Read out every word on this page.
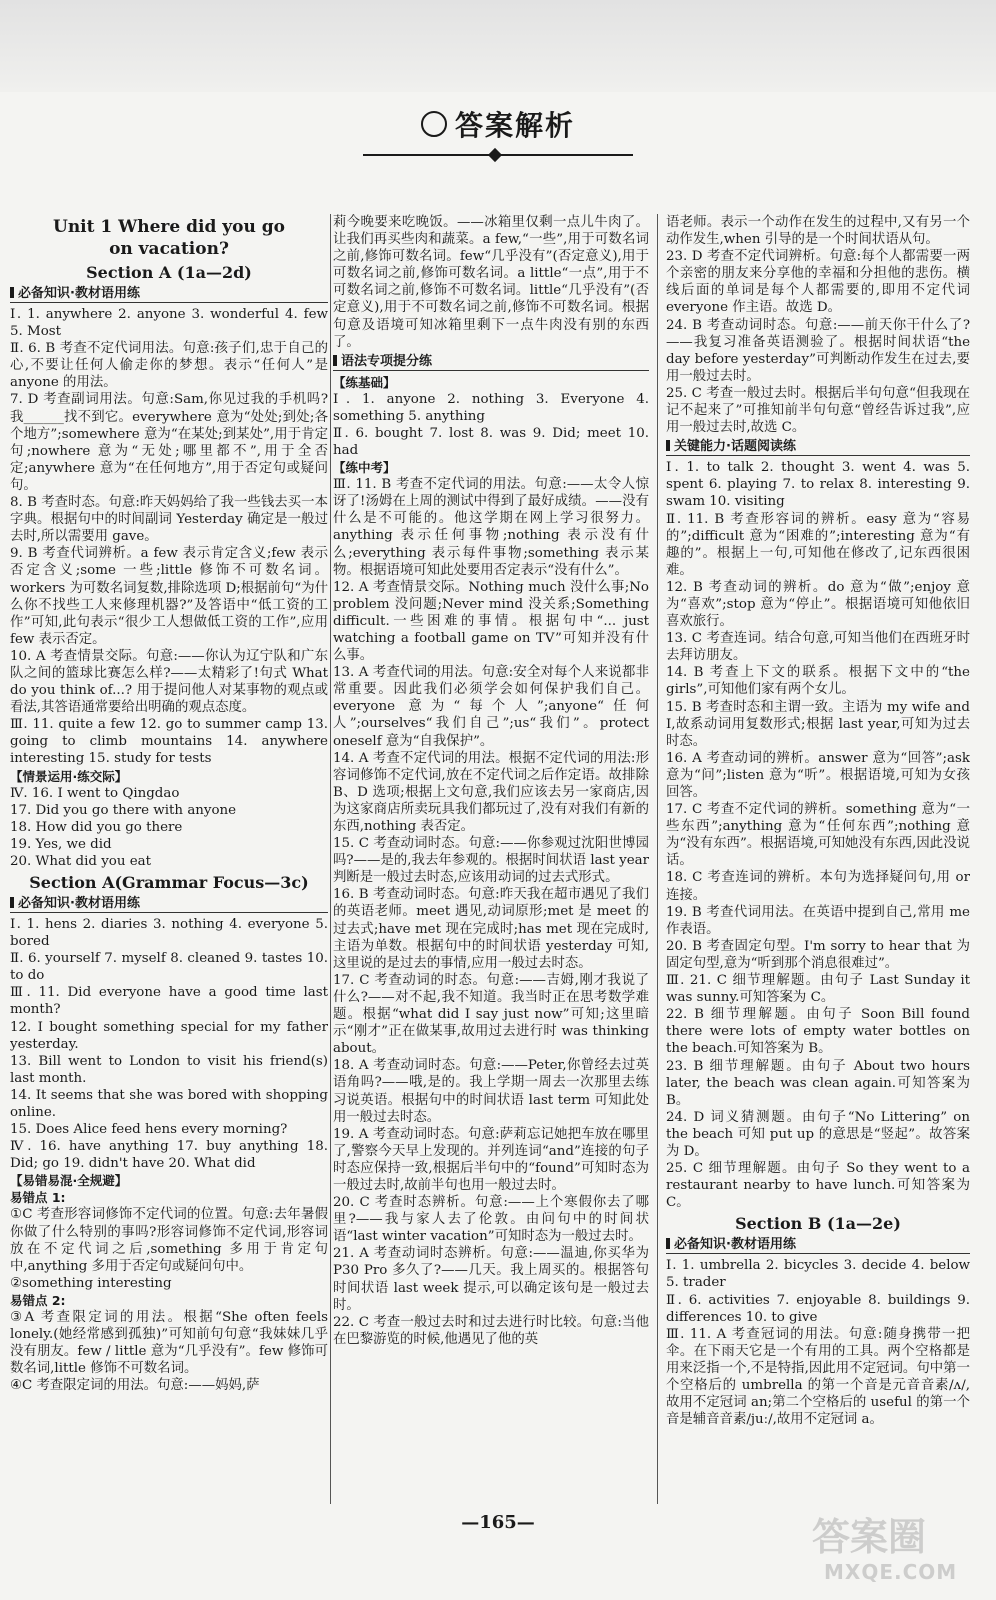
答案解析
Unit 1 Where did you go
on vacation?
Section A (1a—2d)
必备知识·教材语用练

Ⅰ. 1. anywhere 2. anyone 3. wonderful 4. few 5. Most

Ⅱ. 6. B 考查不定代词用法。句意:孩子们,忠于自己的心,不要让任何人偷走你的梦想。表示“任何人”是 anyone 的用法。

7. D 考查副词用法。句意:Sam,你见过我的手机吗?我______找不到它。everywhere 意为“处处;到处;各个地方”;somewhere 意为“在某处;到某处”,用于肯定句;nowhere 意为“无处;哪里都不”,用于全否定;anywhere 意为“在任何地方”,用于否定句或疑问句。

8. B 考查时态。句意:昨天妈妈给了我一些钱去买一本字典。根据句中的时间副词 Yesterday 确定是一般过去时,所以需要用 gave。

9. B 考查代词辨析。a few 表示肯定含义;few 表示否定含义;some 一些;little 修饰不可数名词。workers 为可数名词复数,排除选项 D;根据前句“为什么你不找些工人来修理机器?”及答语中“低工资的工作”可知,此句表示“很少工人想做低工资的工作”,应用 few 表示否定。

10. A 考查情景交际。句意:——你认为辽宁队和广东队之间的篮球比赛怎么样?——太精彩了!句式 What do you think of...? 用于提问他人对某事物的观点或看法,其答语通常要给出明确的观点态度。

Ⅲ. 11. quite a few 12. go to summer camp 13. going to climb mountains 14. anywhere interesting 15. study for tests

【情景运用·练交际】

Ⅳ. 16. I went to Qingdao

17. Did you go there with anyone

18. How did you go there

19. Yes, we did

20. What did you eat

Section A(Grammar Focus—3c)
必备知识·教材语用练

Ⅰ. 1. hens 2. diaries 3. nothing 4. everyone 5. bored

Ⅱ. 6. yourself 7. myself 8. cleaned 9. tastes 10. to do

Ⅲ. 11. Did everyone have a good time last month?

12. I bought something special for my father yesterday.

13. Bill went to London to visit his friend(s) last month.

14. It seems that she was bored with shopping online.

15. Does Alice feed hens every morning?

Ⅳ. 16. have anything 17. buy anything 18. Did; go 19. didn't have 20. What did

【易错易混·全规避】
易错点 1:

①C 考查形容词修饰不定代词的位置。句意:去年暑假你做了什么特别的事吗?形容词修饰不定代词,形容词放在不定代词之后,something 多用于肯定句中,anything 多用于否定句或疑问句中。

②something interesting

易错点 2:

③A 考查限定词的用法。根据“She often feels lonely.(她经常感到孤独)”可知前句句意“我妹妹几乎没有朋友。few / little 意为“几乎没有”。few 修饰可数名词,little 修饰不可数名词。

④C 考查限定词的用法。句意:——妈妈,萨

莉今晚要来吃晚饭。——冰箱里仅剩一点儿牛肉了。让我们再买些肉和蔬菜。a few,“一些”,用于可数名词之前,修饰可数名词。few“几乎没有”(否定意义),用于可数名词之前,修饰可数名词。a little“一点”,用于不可数名词之前,修饰不可数名词。little“几乎没有”(否定意义),用于不可数名词之前,修饰不可数名词。根据句意及语境可知冰箱里剩下一点牛肉没有别的东西了。

语法专项提分练
【练基础】

Ⅰ. 1. anyone 2. nothing 3. Everyone 4. something 5. anything

Ⅱ. 6. bought 7. lost 8. was 9. Did; meet 10. had

【练中考】

Ⅲ. 11. B 考查不定代词的用法。句意:——太令人惊讶了!汤姆在上周的测试中得到了最好成绩。——没有什么是不可能的。他这学期在网上学习很努力。anything 表示任何事物;nothing 表示没有什么;everything 表示每件事物;something 表示某物。根据语境可知此处要用否定表示“没有什么”。

12. A 考查情景交际。Nothing much 没什么事;No problem 没问题;Never mind 没关系;Something difficult.一些困难的事情。根据句中“... just watching a football game on TV”可知并没有什么事。

13. A 考查代词的用法。句意:安全对每个人来说都非常重要。因此我们必须学会如何保护我们自己。everyone 意为“每个人”;anyone“任何人”;ourselves“我们自己”;us“我们”。protect oneself 意为“自我保护”。

14. A 考查不定代词的用法。根据不定代词的用法:形容词修饰不定代词,放在不定代词之后作定语。故排除 B、D 选项;根据上文句意,我们应该去另一家商店,因为这家商店所卖玩具我们都玩过了,没有对我们有新的东西,nothing 表否定。

15. C 考查动词时态。句意:——你参观过沈阳世博园吗?——是的,我去年参观的。根据时间状语 last year 判断是一般过去时态,应该用动词的过去式形式。

16. B 考查动词时态。句意:昨天我在超市遇见了我们的英语老师。meet 遇见,动词原形;met 是 meet 的过去式;have met 现在完成时;has met 现在完成时,主语为单数。根据句中的时间状语 yesterday 可知,这里说的是过去的事情,应用一般过去时态。

17. C 考查动词的时态。句意:——吉姆,刚才我说了什么?——对不起,我不知道。我当时正在思考数学难题。根据“what did I say just now”可知;这里暗示“刚才”正在做某事,故用过去进行时 was thinking about。

18. A 考查动词时态。句意:——Peter,你曾经去过英语角吗?——哦,是的。我上学期一周去一次那里去练习说英语。根据句中的时间状语 last term 可知此处用一般过去时态。

19. A 考查动词时态。句意:萨莉忘记她把车放在哪里了,警察今天早上发现的。并列连词“and”连接的句子时态应保持一致,根据后半句中的“found”可知时态为一般过去时,故前半句也用一般过去时。

20. C 考查时态辨析。句意:——上个寒假你去了哪里?——我与家人去了伦敦。由问句中的时间状语“last winter vacation”可知时态为一般过去时。

21. A 考查动词时态辨析。句意:——温迪,你买华为 P30 Pro 多久了?——几天。我上周买的。根据答句时间状语 last week 提示,可以确定该句是一般过去时。

22. C 考查一般过去时和过去进行时比较。句意:当他在巴黎游览的时候,他遇见了他的英

语老师。表示一个动作在发生的过程中,又有另一个动作发生,when 引导的是一个时间状语从句。

23. D 考查不定代词辨析。句意:每个人都需要一两个亲密的朋友来分享他的幸福和分担他的悲伤。横线后面的单词是每个人都需要的,即用不定代词 everyone 作主语。故选 D。

24. B 考查动词时态。句意:——前天你干什么了?——我复习准备英语测验了。根据时间状语“the day before yesterday”可判断动作发生在过去,要用一般过去时。

25. C 考查一般过去时。根据后半句句意“但我现在记不起来了”可推知前半句句意“曾经告诉过我”,应用一般过去时,故选 C。

关键能力·话题阅读练

Ⅰ. 1. to talk 2. thought 3. went 4. was 5. spent 6. playing 7. to relax 8. interesting 9. swam 10. visiting

Ⅱ. 11. B 考查形容词的辨析。easy 意为“容易的”;difficult 意为“困难的”;interesting 意为“有趣的”。根据上一句,可知他在修改了,记东西很困难。

12. B 考查动词的辨析。do 意为“做”;enjoy 意为“喜欢”;stop 意为“停止”。根据语境可知他依旧喜欢旅行。

13. C 考查连词。结合句意,可知当他们在西班牙时去拜访朋友。

14. B 考查上下文的联系。根据下文中的“the girls”,可知他们家有两个女儿。

15. B 考查时态和主谓一致。主语为 my wife and I,故系动词用复数形式;根据 last year,可知为过去时态。

16. A 考查动词的辨析。answer 意为“回答”;ask 意为“问”;listen 意为“听”。根据语境,可知为女孩回答。

17. C 考查不定代词的辨析。something 意为“一些东西”;anything 意为“任何东西”;nothing 意为“没有东西”。根据语境,可知她没有东西,因此没说话。

18. C 考查连词的辨析。本句为选择疑问句,用 or 连接。

19. B 考查代词用法。在英语中提到自己,常用 me 作表语。

20. B 考查固定句型。I'm sorry to hear that 为固定句型,意为“听到那个消息很难过”。

Ⅲ. 21. C 细节理解题。由句子 Last Sunday it was sunny.可知答案为 C。

22. B 细节理解题。由句子 Soon Bill found there were lots of empty water bottles on the beach.可知答案为 B。

23. B 细节理解题。由句子 About two hours later, the beach was clean again.可知答案为 B。

24. D 词义猜测题。由句子“No Littering” on the beach 可知 put up 的意思是“竖起”。故答案为 D。

25. C 细节理解题。由句子 So they went to a restaurant nearby to have lunch.可知答案为 C。

Section B (1a—2e)
必备知识·教材语用练

Ⅰ. 1. umbrella 2. bicycles 3. decide 4. below 5. trader

Ⅱ. 6. activities 7. enjoyable 8. buildings 9. differences 10. to give

Ⅲ. 11. A 考查冠词的用法。句意:随身携带一把伞。在下雨天它是一个有用的工具。两个空格都是用来泛指一个,不是特指,因此用不定冠词。句中第一个空格后的 umbrella 的第一个音是元音音素/ʌ/,故用不定冠词 an;第二个空格后的 useful 的第一个音是辅音音素/juː/,故用不定冠词 a。

—165—	答案圈
MXQE.COM
